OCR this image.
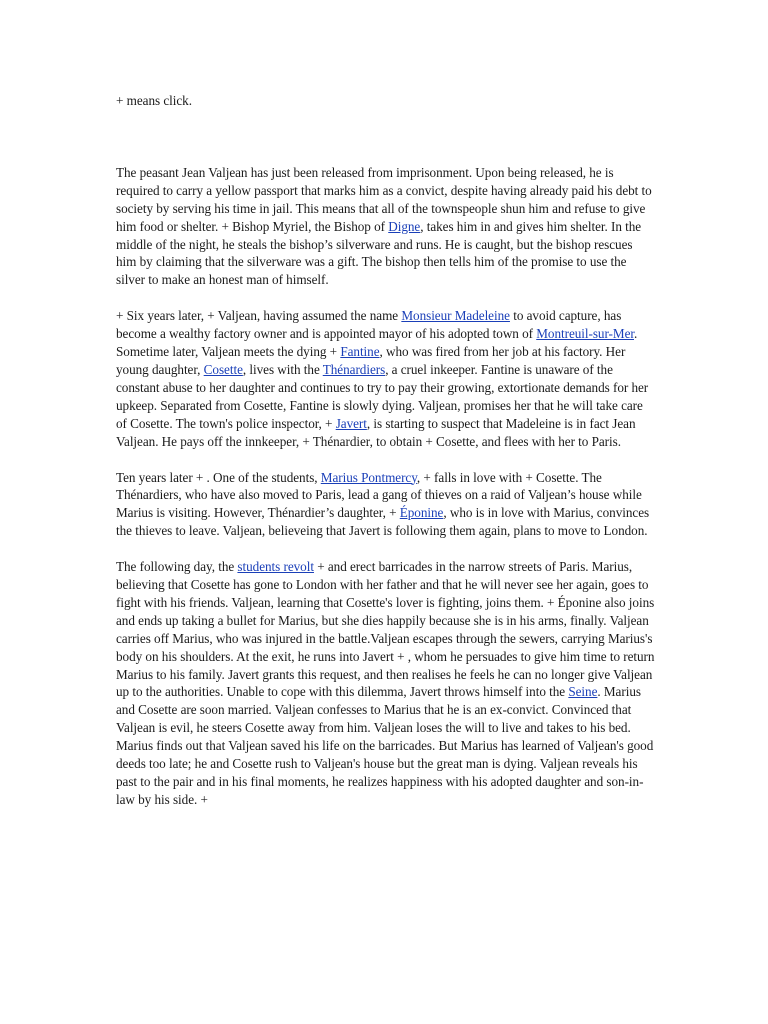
+ means click.

The peasant Jean Valjean has just been released from imprisonment. Upon being released, he is required to carry a yellow passport that marks him as a convict, despite having already paid his debt to society by serving his time in jail. This means that all of the townspeople shun him and refuse to give him food or shelter. + Bishop Myriel, the Bishop of Digne, takes him in and gives him shelter. In the middle of the night, he steals the bishop’s silverware and runs. He is caught, but the bishop rescues him by claiming that the silverware was a gift. The bishop then tells him of the promise to use the silver to make an honest man of himself.

+ Six years later, + Valjean, having assumed the name Monsieur Madeleine to avoid capture, has become a wealthy factory owner and is appointed mayor of his adopted town of Montreuil-sur-Mer. Sometime later, Valjean meets the dying + Fantine, who was fired from her job at his factory. Her young daughter, Cosette, lives with the Thénardiers, a cruel inkeeper. Fantine is unaware of the constant abuse to her daughter and continues to try to pay their growing, extortionate demands for her upkeep. Separated from Cosette, Fantine is slowly dying. Valjean, promises her that he will take care of Cosette. The town's police inspector, + Javert, is starting to suspect that Madeleine is in fact Jean Valjean. He pays off the innkeeper, + Thénardier, to obtain + Cosette, and flees with her to Paris.

Ten years later + . One of the students, Marius Pontmercy, + falls in love with + Cosette. The Thénardiers, who have also moved to Paris, lead a gang of thieves on a raid of Valjean’s house while Marius is visiting. However, Thénardier’s daughter, + Éponine, who is in love with Marius, convinces the thieves to leave. Valjean, believeing that Javert is following them again, plans to move to London.

The following day, the students revolt + and erect barricades in the narrow streets of Paris. Marius, believing that Cosette has gone to London with her father and that he will never see her again, goes to fight with his friends. Valjean, learning that Cosette's lover is fighting, joins them. + Éponine also joins and ends up taking a bullet for Marius, but she dies happily because she is in his arms, finally. Valjean carries off Marius, who was injured in the battle.Valjean escapes through the sewers, carrying Marius's body on his shoulders. At the exit, he runs into Javert + , whom he persuades to give him time to return Marius to his family. Javert grants this request, and then realises he feels he can no longer give Valjean up to the authorities. Unable to cope with this dilemma, Javert throws himself into the Seine. Marius and Cosette are soon married. Valjean confesses to Marius that he is an ex-convict. Convinced that Valjean is evil, he steers Cosette away from him. Valjean loses the will to live and takes to his bed. Marius finds out that Valjean saved his life on the barricades. But Marius has learned of Valjean's good deeds too late; he and Cosette rush to Valjean's house but the great man is dying. Valjean reveals his past to the pair and in his final moments, he realizes happiness with his adopted daughter and son-in-law by his side. +
